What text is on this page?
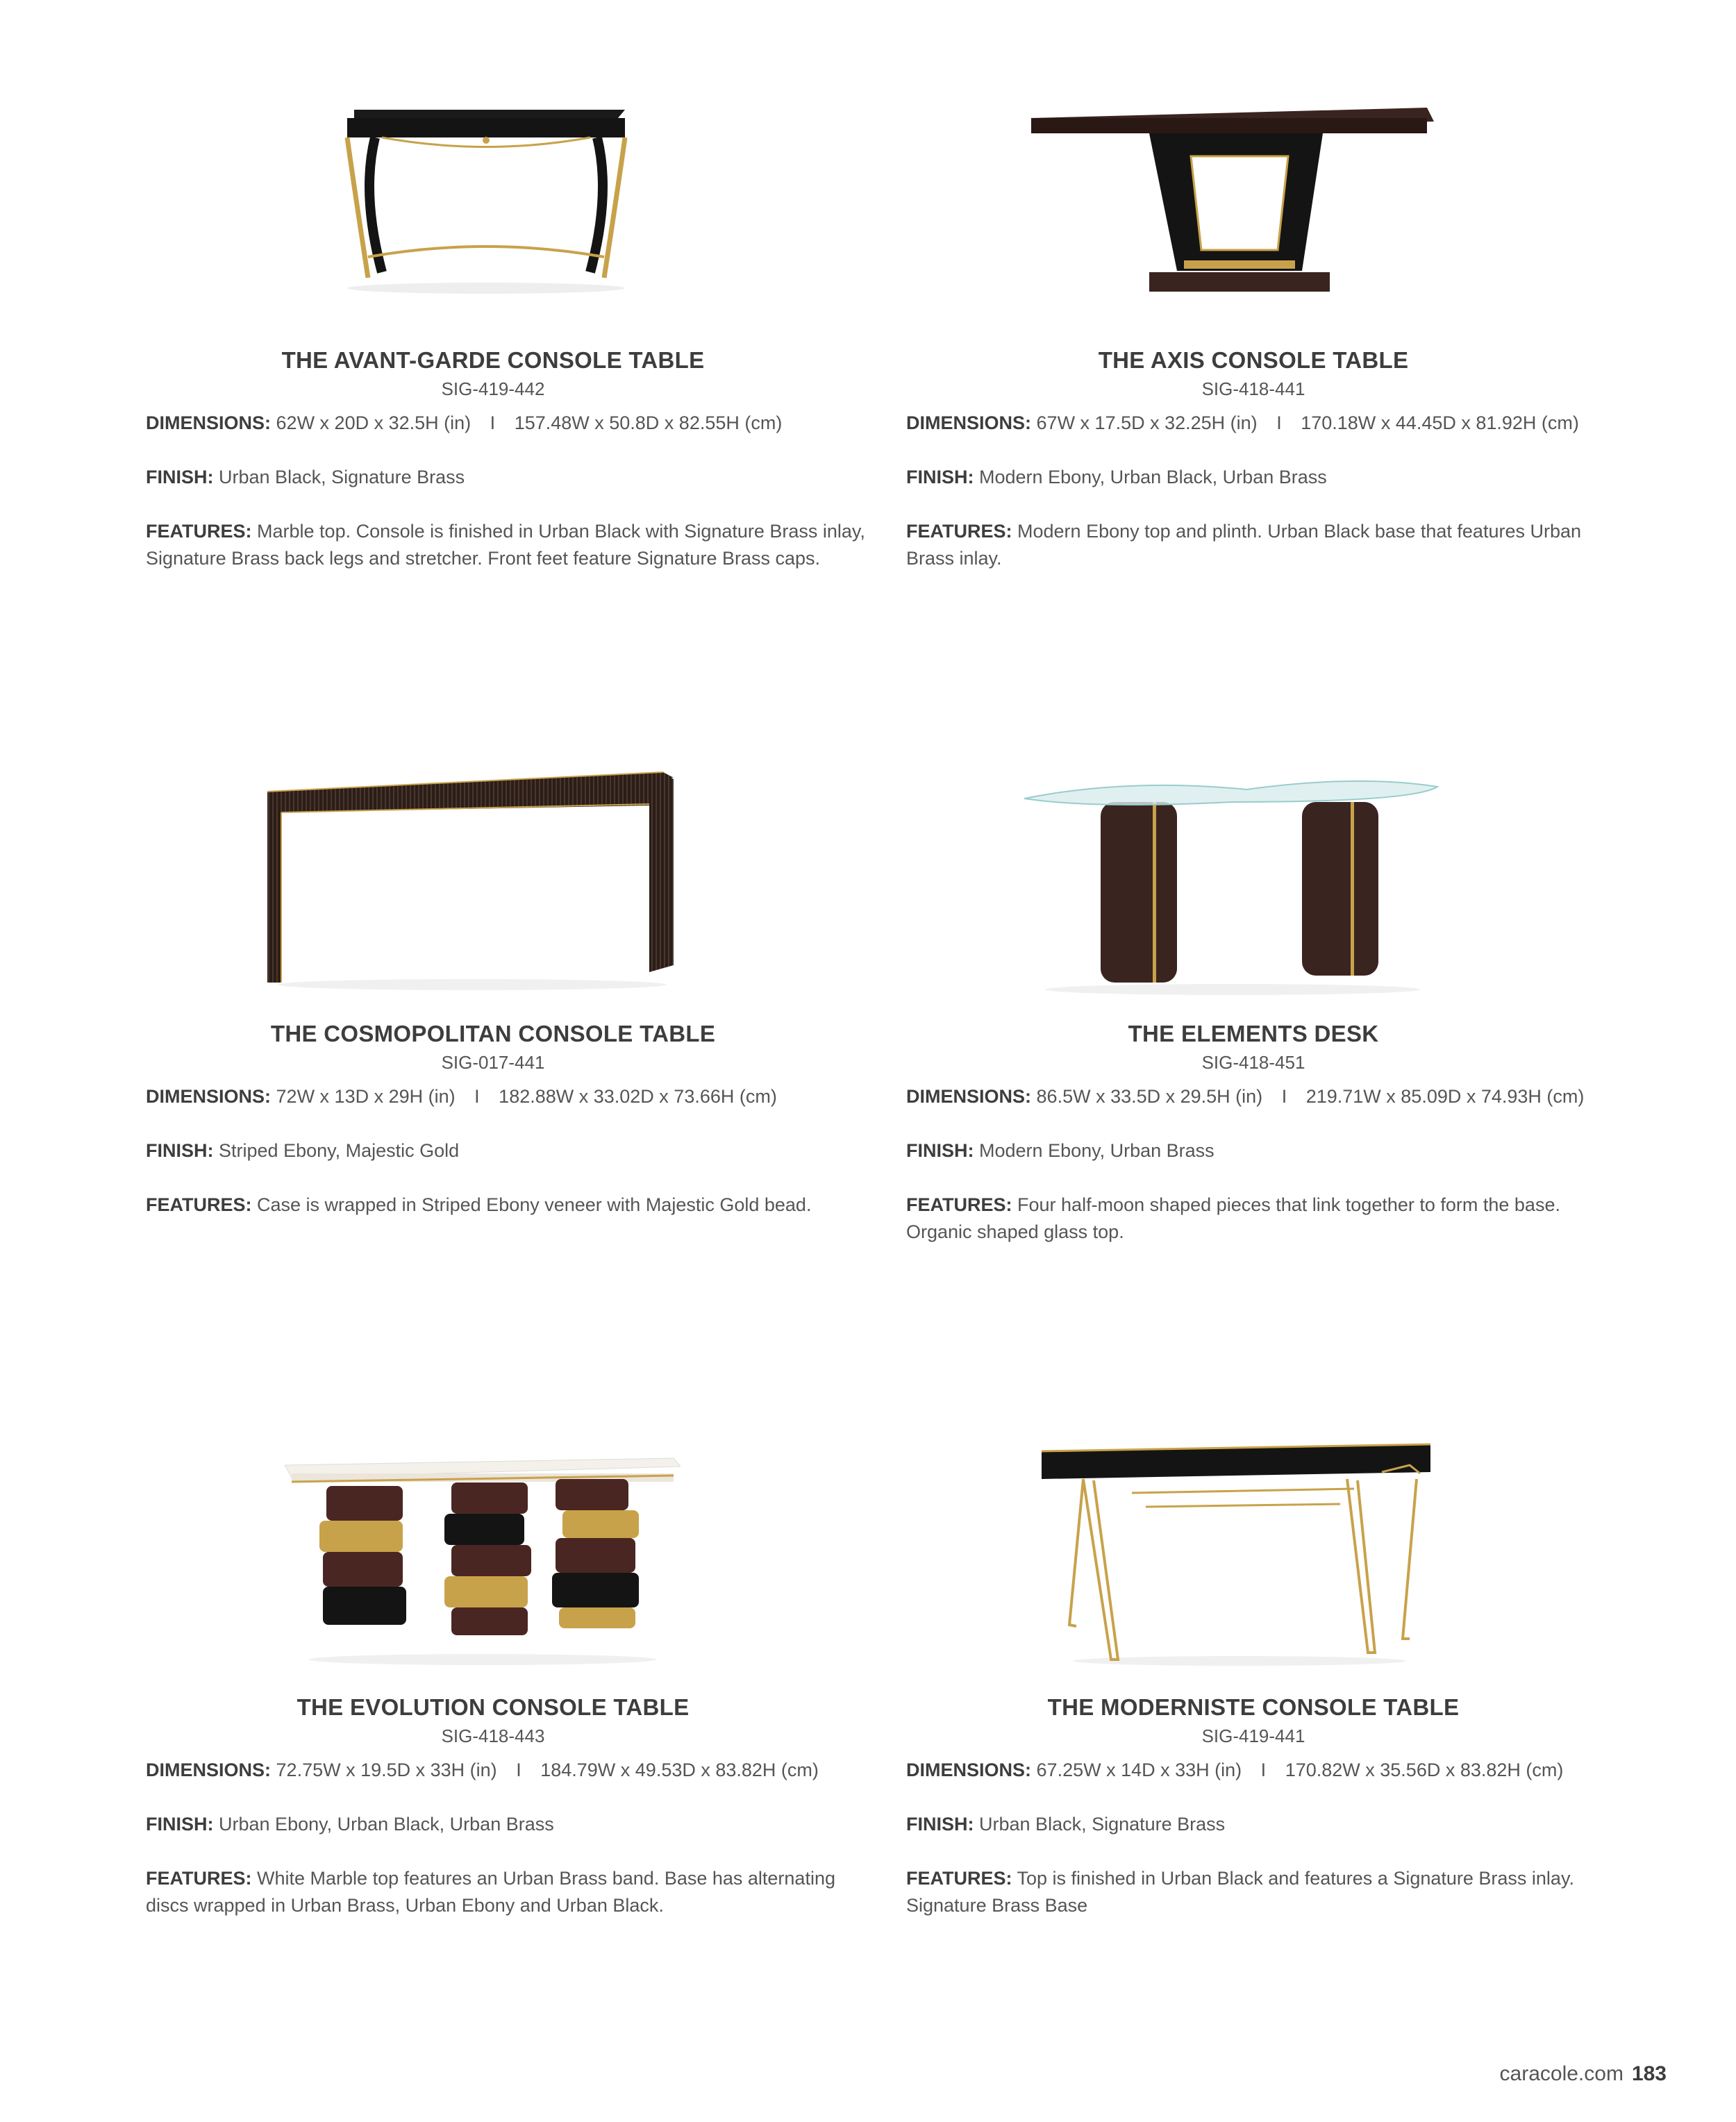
THE AVANT-GARDE CONSOLE TABLE
SIG-419-442
DIMENSIONS: 62W x 20D x 32.5H (in) I 157.48W x 50.8D x 82.55H (cm)
FINISH: Urban Black, Signature Brass
FEATURES: Marble top. Console is finished in Urban Black with Signature Brass inlay, Signature Brass back legs and stretcher. Front feet feature Signature Brass caps.
THE AXIS CONSOLE TABLE
SIG-418-441
DIMENSIONS: 67W x 17.5D x 32.25H (in) I 170.18W x 44.45D x 81.92H (cm)
FINISH: Modern Ebony, Urban Black, Urban Brass
FEATURES: Modern Ebony top and plinth. Urban Black base that features Urban Brass inlay.
THE COSMOPOLITAN CONSOLE TABLE
SIG-017-441
DIMENSIONS: 72W x 13D x 29H (in) I 182.88W x 33.02D x 73.66H (cm)
FINISH: Striped Ebony, Majestic Gold
FEATURES: Case is wrapped in Striped Ebony veneer with Majestic Gold bead.
THE ELEMENTS DESK
SIG-418-451
DIMENSIONS: 86.5W x 33.5D x 29.5H (in) I 219.71W x 85.09D x 74.93H (cm)
FINISH: Modern Ebony, Urban Brass
FEATURES: Four half-moon shaped pieces that link together to form the base. Organic shaped glass top.
THE EVOLUTION CONSOLE TABLE
SIG-418-443
DIMENSIONS: 72.75W x 19.5D x 33H (in) I 184.79W x 49.53D x 83.82H (cm)
FINISH: Urban Ebony, Urban Black, Urban Brass
FEATURES: White Marble top features an Urban Brass band. Base has alternating discs wrapped in Urban Brass, Urban Ebony and Urban Black.
THE MODERNISTE CONSOLE TABLE
SIG-419-441
DIMENSIONS: 67.25W x 14D x 33H (in) I 170.82W x 35.56D x 83.82H (cm)
FINISH: Urban Black, Signature Brass
FEATURES: Top is finished in Urban Black and features a Signature Brass inlay. Signature Brass Base
caracole.com 183
